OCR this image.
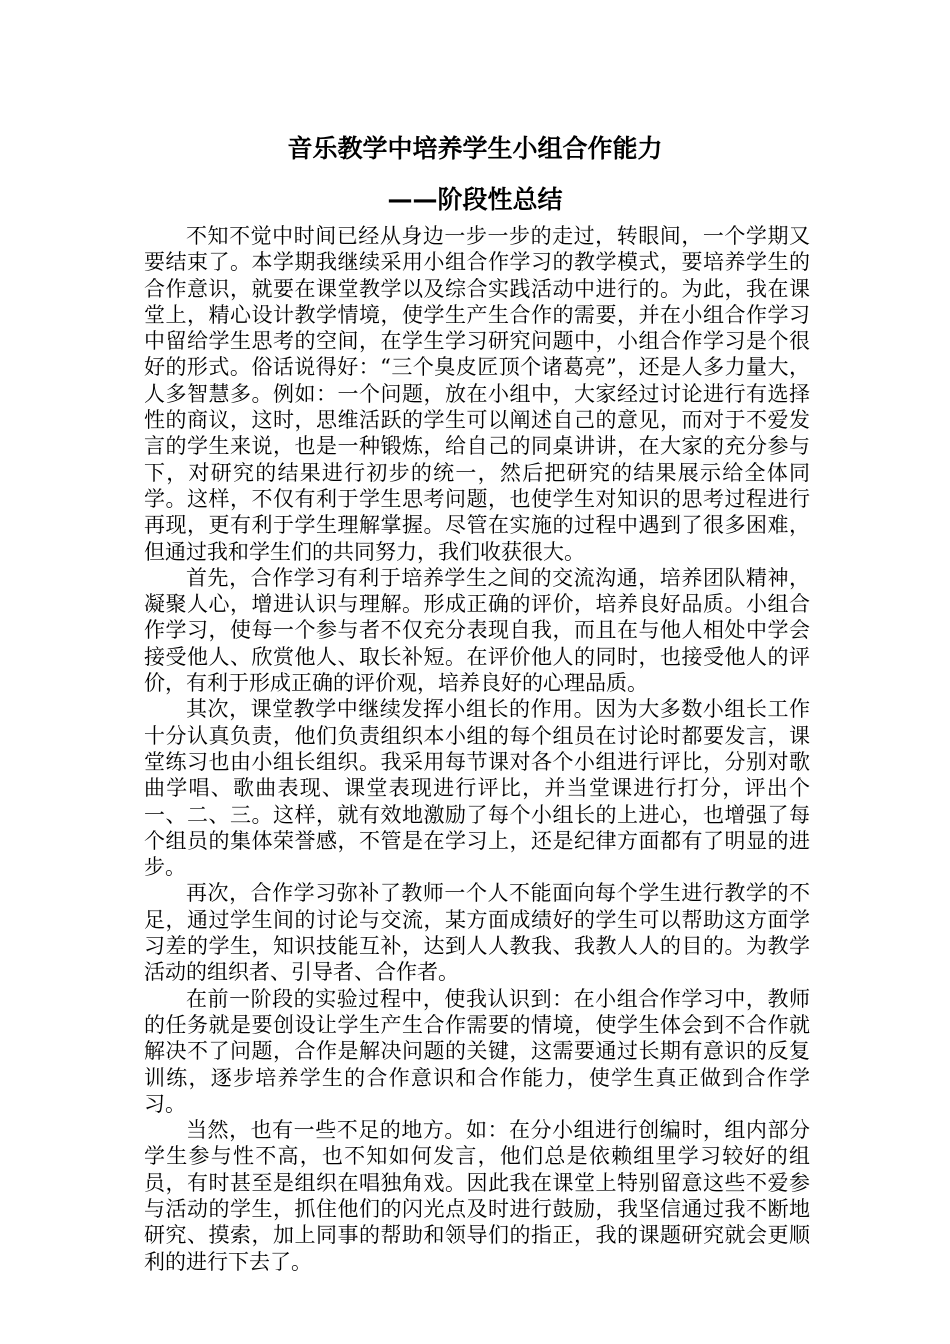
音乐教学中培养学生小组合作能力
——阶段性总结

不知不觉中时间已经从身边一步一步的走过，转眼间，一个学期又要结束了。本学期我继续采用小组合作学习的教学模式，要培养学生的合作意识，就要在课堂教学以及综合实践活动中进行的。为此，我在课堂上，精心设计教学情境，使学生产生合作的需要，并在小组合作学习中留给学生思考的空间，在学生学习研究问题中，小组合作学习是个很好的形式。俗话说得好：“三个臭皮匠顶个诸葛亮”，还是人多力量大，人多智慧多。例如：一个问题，放在小组中，大家经过讨论进行有选择性的商议，这时，思维活跃的学生可以阐述自己的意见，而对于不爱发言的学生来说，也是一种锻炼，给自己的同桌讲讲，在大家的充分参与下，对研究的结果进行初步的统一，然后把研究的结果展示给全体同学。这样，不仅有利于学生思考问题，也使学生对知识的思考过程进行再现，更有利于学生理解掌握。尽管在实施的过程中遇到了很多困难，但通过我和学生们的共同努力，我们收获很大。

首先，合作学习有利于培养学生之间的交流沟通，培养团队精神，凝聚人心，增进认识与理解。形成正确的评价，培养良好品质。小组合作学习，使每一个参与者不仅充分表现自我，而且在与他人相处中学会接受他人、欣赏他人、取长补短。在评价他人的同时，也接受他人的评价，有利于形成正确的评价观，培养良好的心理品质。

其次，课堂教学中继续发挥小组长的作用。因为大多数小组长工作十分认真负责，他们负责组织本小组的每个组员在讨论时都要发言，课堂练习也由小组长组织。我采用每节课对各个小组进行评比，分别对歌曲学唱、歌曲表现、课堂表现进行评比，并当堂课进行打分，评出个一、二、三。这样，就有效地激励了每个小组长的上进心，也增强了每个组员的集体荣誉感，不管是在学习上，还是纪律方面都有了明显的进步。

再次，合作学习弥补了教师一个人不能面向每个学生进行教学的不足，通过学生间的讨论与交流，某方面成绩好的学生可以帮助这方面学习差的学生，知识技能互补，达到人人教我、我教人人的目的。为教学活动的组织者、引导者、合作者。

在前一阶段的实验过程中，使我认识到：在小组合作学习中，教师的任务就是要创设让学生产生合作需要的情境，使学生体会到不合作就解决不了问题，合作是解决问题的关键，这需要通过长期有意识的反复训练，逐步培养学生的合作意识和合作能力，使学生真正做到合作学习。

当然，也有一些不足的地方。如：在分小组进行创编时，组内部分学生参与性不高，也不知如何发言，他们总是依赖组里学习较好的组员，有时甚至是组织在唱独角戏。因此我在课堂上特别留意这些不爱参与活动的学生，抓住他们的闪光点及时进行鼓励，我坚信通过我不断地研究、摸索，加上同事的帮助和领导们的指正，我的课题研究就会更顺利的进行下去了。
